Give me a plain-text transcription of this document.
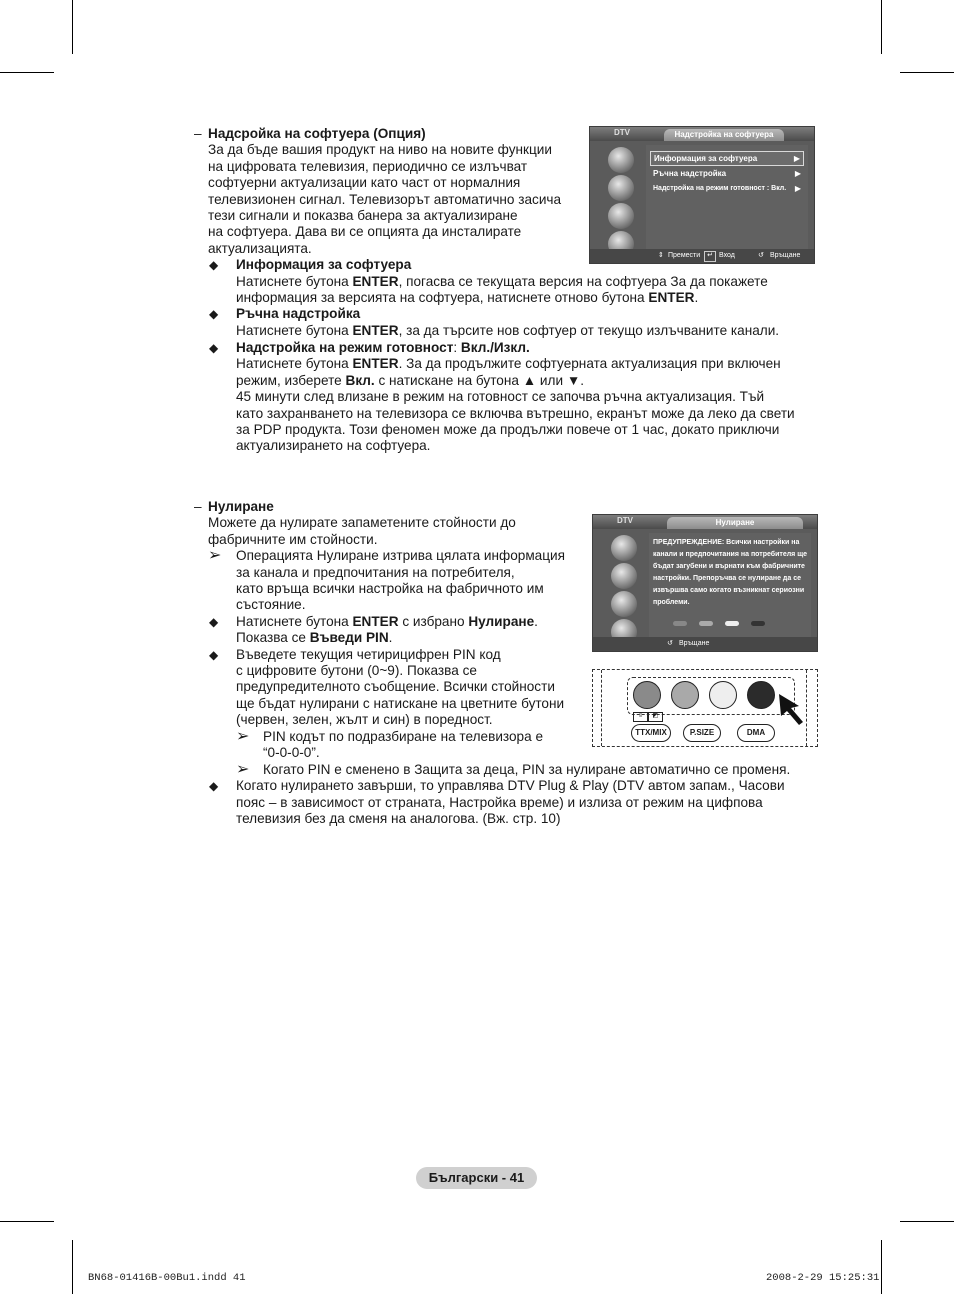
– Надсройка на софтуера (Опция)
За да бъде вашия продукт на ниво на новите функции
на цифровата телевизия, периодично се излъчват
софтуерни актуализации като част от нормалния
телевизионен сигнал. Телевизорът автоматично засича
тези сигнали и показва банера за актуализиране
на софтуера. Дава ви се опцията да инсталирате
актуализацията.
◆ Информация за софтуера
Натиснете бутона ENTER, погасва се текущата версия на софтуера За да покажете
информация за версията на софтуера, натиснете отново бутона ENTER.
◆ Ръчна надстройка
Натиснете бутона ENTER, за да търсите нов софтуер от текущо излъчваните канали.
◆ Надстройка на режим готовност: Вкл./Изкл.
Натиснете бутона ENTER. За да продължите софтуерната актуализация при включен
режим, изберете Вкл. с натискане на бутона ▲ или ▼.
45 минути след влизане в режим на готовност се започва ръчна актуализация. Тъй
като захранването на телевизора се включва вътрешно, екранът може да леко да свети
за PDP продукта. Този феномен може да продължи повече от 1 час, докато приключи
актуализирането на софтуера.
DTV	Надстройка на софтуера
Информация за софтуера	▶
Ръчна надстройка	▶
Надстройка на режим готовност : Вкл. ▶
⇕ Премести ↵ Вход	↺ Връщане
– Нулиране
Можете да нулирате запаметените стойности до
фабричните им стойности.
➢ Операцията Нулиране изтрива цялата информация
за канала и предпочитания на потребителя,
като връща всички настройка на фабричното им
състояние.
◆ Натиснете бутона ENTER с избрано Нулиране.
Показва се Въведи PIN.
◆ Въведете текущия четирицифрен PIN код
с цифровите бутони (0~9). Показва се
предупредителното съобщение. Всички стойности
ще бъдат нулирани с натискане на цветните бутони
(червен, зелен, жълт и син) в поредност.
➢ PIN кодът по подразбиране на телевизора е
“0-0-0-0”.
➢ Когато PIN е сменено в Защита за деца, PIN за нулиране автоматично се променя.
◆ Когато нулирането завърши, то управлява DTV Plug & Play (DTV автом запам., Часови
пояс – в зависимост от страната, Настройка време) и излиза от режим на цифпова
телевизия без да сменя на аналогова. (Вж. стр. 10)
DTV	Нулиране
ПРЕДУПРЕЖДЕНИЕ: Всички настройки на канали и предпочитания на потребителя ще бъдат загубени и върнати към фабричните настройки. Препоръчва се нулиране да се извършва само когато възникнат сериозни проблеми.
↺ Връщане
≡	◩
TTX/MIX	P.SIZE	DMA
Български - 41
BN68-01416B-00Bu1.indd 41	2008-2-29 15:25:31
